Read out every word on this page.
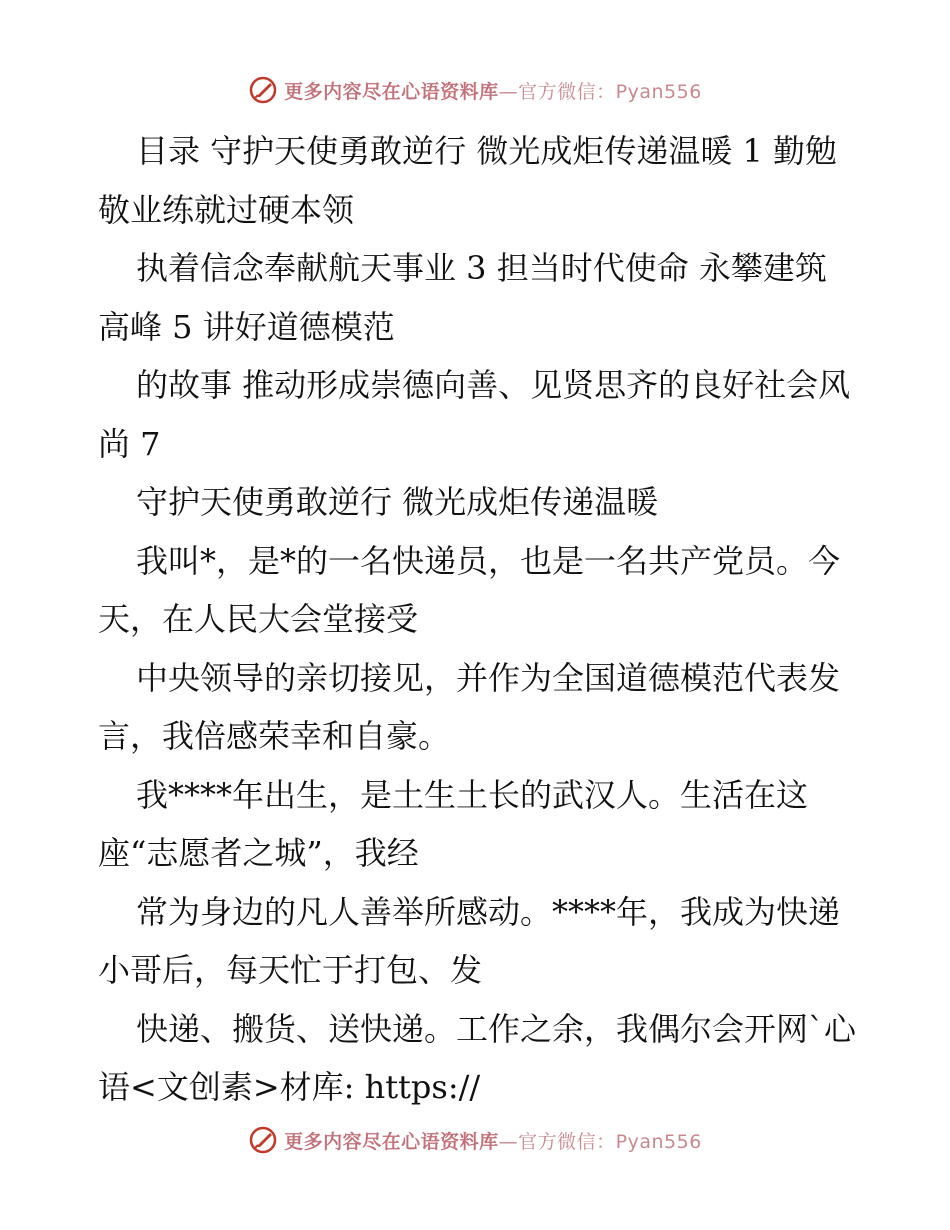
更多内容尽在心语资料库—官方微信：Pyan556

目录 守护天使勇敢逆行 微光成炬传递温暖 1 勤勉敬业练就过硬本领

执着信念奉献航天事业 3 担当时代使命 永攀建筑高峰 5 讲好道德模范

的故事 推动形成崇德向善、见贤思齐的良好社会风尚 7

守护天使勇敢逆行 微光成炬传递温暖

我叫*，是*的一名快递员，也是一名共产党员。今天，在人民大会堂接受

中央领导的亲切接见，并作为全国道德模范代表发言，我倍感荣幸和自豪。

我****年出生，是土生土长的武汉人。生活在这座“志愿者之城”，我经

常为身边的凡人善举所感动。****年，我成为快递小哥后，每天忙于打包、发

快递、搬货、送快递。工作之余，我偶尔会开网`心语<文创素>材库: https://

更多内容尽在心语资料库—官方微信：Pyan556
